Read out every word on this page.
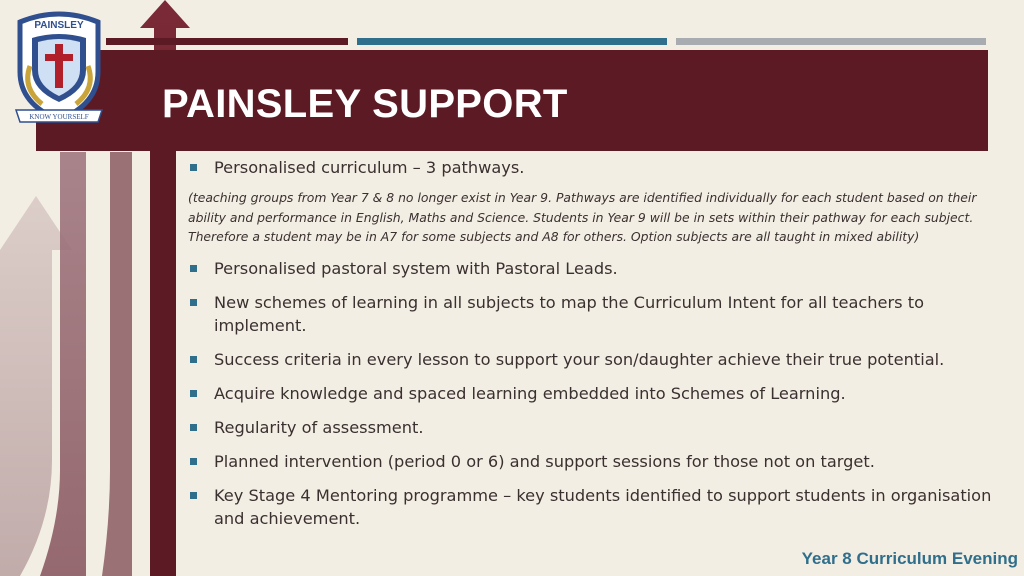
PAINSLEY SUPPORT
PAINSLEY
KNOW YOURSELF
Personalised curriculum – 3 pathways.
(teaching groups from Year 7 & 8 no longer exist in Year 9. Pathways are identified individually for each student based on their ability and performance in English, Maths and Science. Students in Year 9 will be in sets within their pathway for each subject. Therefore a student may be in A7 for some subjects and A8 for others. Option subjects are all taught in mixed ability)
Personalised pastoral system with Pastoral Leads.
New schemes of learning in all subjects to map the Curriculum Intent for all teachers to implement.
Success criteria in every lesson to support your son/daughter achieve their true potential.
Acquire knowledge and spaced learning embedded into Schemes of Learning.
Regularity of assessment.
Planned intervention (period 0 or 6) and support sessions for those not on target.
Key Stage 4 Mentoring programme – key students identified to support students in organisation and achievement.
Year 8 Curriculum Evening
